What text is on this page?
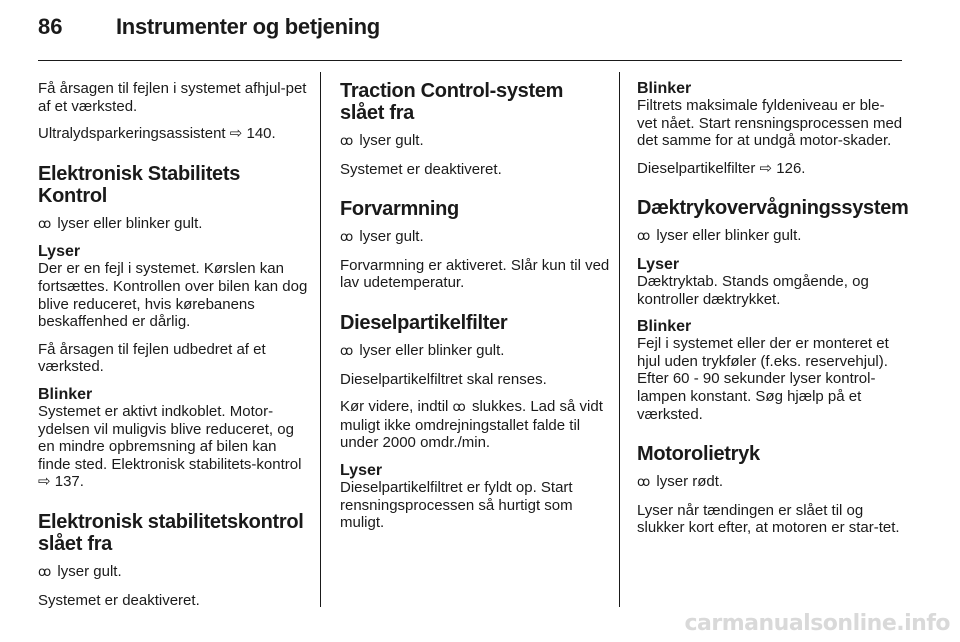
86	Instrumenter og betjening

Få årsagen til fejlen i systemet afhjul-pet af et værksted.

Ultralydsparkeringsassistent ⇨ 140.

Elektronisk Stabilitets Kontrol

ꝏ lyser eller blinker gult.

Lyser

Der er en fejl i systemet. Kørslen kan fortsættes. Kontrollen over bilen kan dog blive reduceret, hvis kørebanens beskaffenhed er dårlig.

Få årsagen til fejlen udbedret af et værksted.

Blinker

Systemet er aktivt indkoblet. Motor-ydelsen vil muligvis blive reduceret, og en mindre opbremsning af bilen kan finde sted. Elektronisk stabilitets-kontrol ⇨ 137.

Elektronisk stabilitetskontrol slået fra

ꝏ lyser gult.

Systemet er deaktiveret.

Traction Control-system slået fra

ꝏ lyser gult.

Systemet er deaktiveret.

Forvarmning

ꝏ lyser gult.

Forvarmning er aktiveret. Slår kun til ved lav udetemperatur.

Dieselpartikelfilter

ꝏ lyser eller blinker gult.

Dieselpartikelfiltret skal renses.

Kør videre, indtil ꝏ slukkes. Lad så vidt muligt ikke omdrejningstallet falde til under 2000 omdr./min.

Lyser

Dieselpartikelfiltret er fyldt op. Start rensningsprocessen så hurtigt som muligt.

Blinker

Filtrets maksimale fyldeniveau er ble-vet nået. Start rensningsprocessen med det samme for at undgå motor-skader.

Dieselpartikelfilter ⇨ 126.

Dæktrykovervågningssystem

ꝏ lyser eller blinker gult.

Lyser

Dæktryktab. Stands omgående, og kontroller dæktrykket.

Blinker

Fejl i systemet eller der er monteret et hjul uden trykføler (f.eks. reservehjul). Efter 60 - 90 sekunder lyser kontrol-lampen konstant. Søg hjælp på et værksted.

Motorolietryk

ꝏ lyser rødt.

Lyser når tændingen er slået til og slukker kort efter, at motoren er star-tet.

carmanualsonline.info
